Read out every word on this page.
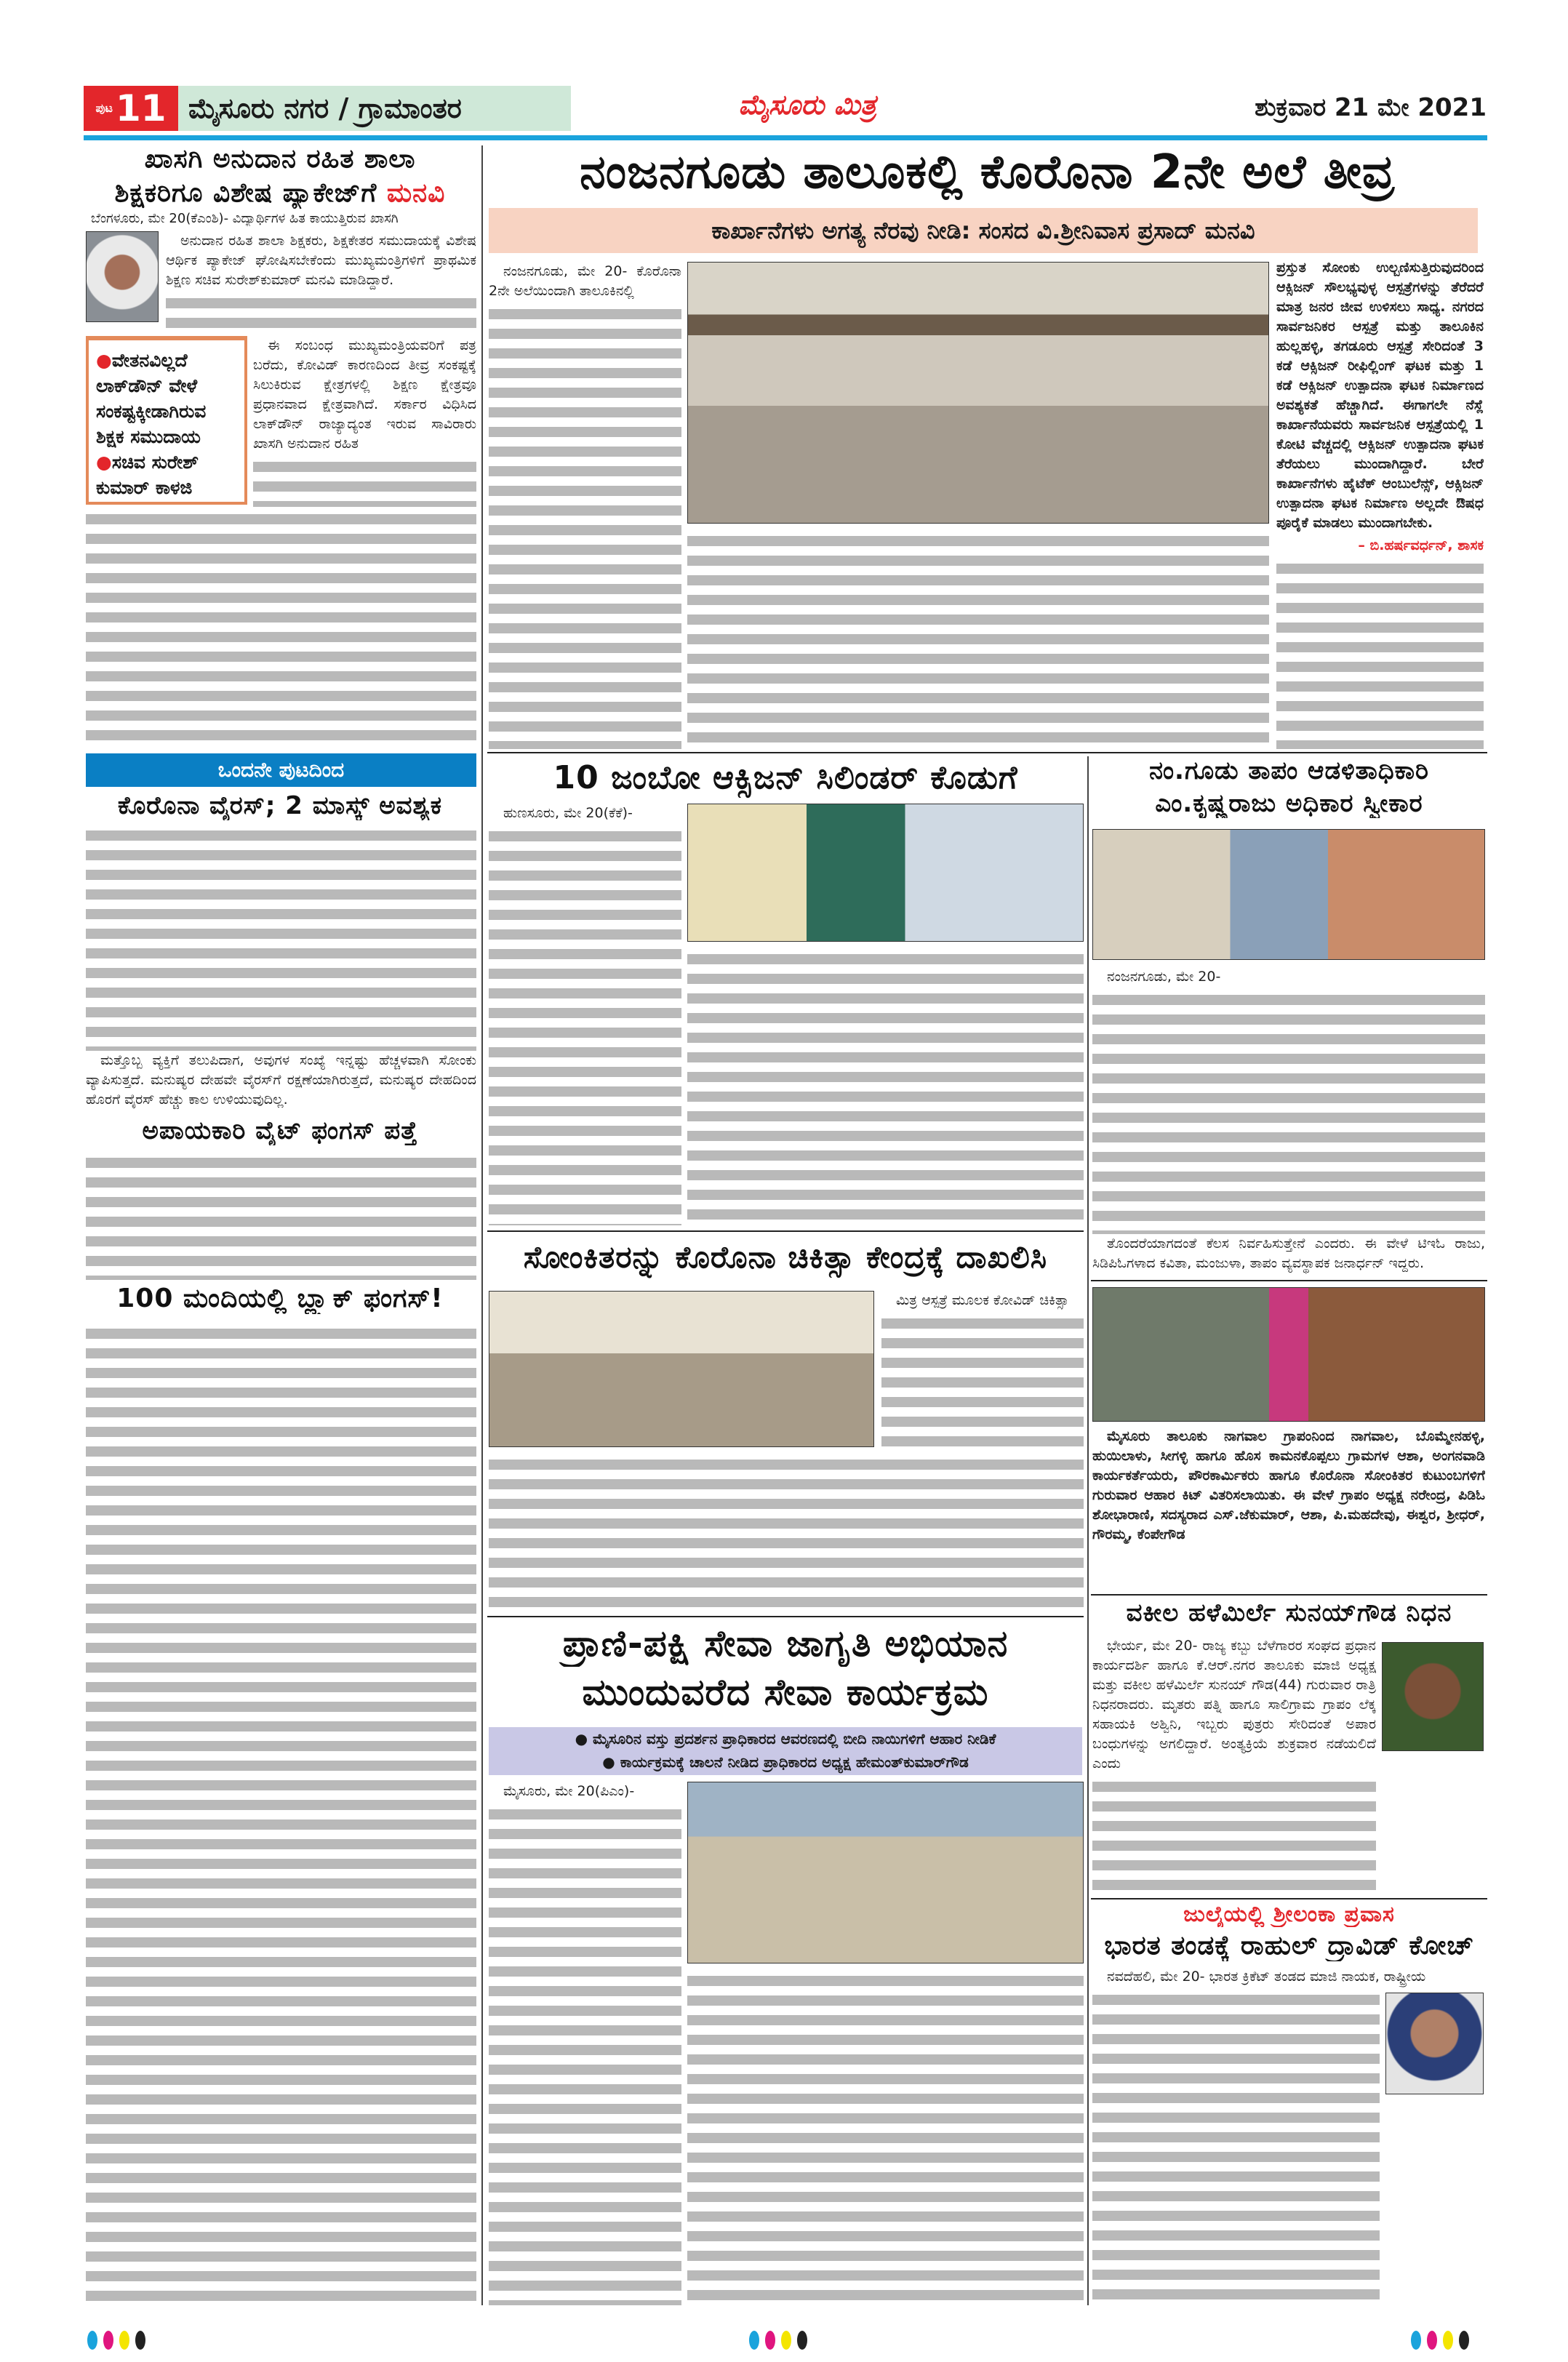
ಪುಟ 11 ಮೈಸೂರು ನಗರ / ಗ್ರಾಮಾಂತರ	ಮೈಸೂರು ಮಿತ್ರ	ಶುಕ್ರವಾರ 21 ಮೇ 2021
ಖಾಸಗಿ ಅನುದಾನ ರಹಿತ ಶಾಲಾ
ಶಿಕ್ಷಕರಿಗೂ ವಿಶೇಷ ಪ್ಯಾಕೇಜ್‌ಗೆ ಮನವಿ
ಬೆಂಗಳೂರು, ಮೇ 20(ಕೆಎಂಶಿ)- ವಿದ್ಯಾರ್ಥಿಗಳ ಹಿತ ಕಾಯುತ್ತಿರುವ ಖಾಸಗಿ

ಅನುದಾನ ರಹಿತ ಶಾಲಾ ಶಿಕ್ಷಕರು, ಶಿಕ್ಷಕೇತರ ಸಮುದಾಯಕ್ಕೆ ವಿಶೇಷ ಆರ್ಥಿಕ ಪ್ಯಾಕೇಜ್ ಘೋಷಿಸಬೇಕೆಂದು ಮುಖ್ಯಮಂತ್ರಿಗಳಿಗೆ ಪ್ರಾಥಮಿಕ ಶಿಕ್ಷಣ ಸಚಿವ ಸುರೇಶ್‌ಕುಮಾರ್ ಮನವಿ ಮಾಡಿದ್ದಾರೆ.

●ವೇತನವಿಲ್ಲದೆ ಲಾಕ್‌ಡೌನ್ ವೇಳೆ ಸಂಕಷ್ಟಕ್ಕೀಡಾಗಿರುವ ಶಿಕ್ಷಕ ಸಮುದಾಯ
●ಸಚಿವ ಸುರೇಶ್ ಕುಮಾರ್ ಕಾಳಜಿ

ಈ ಸಂಬಂಧ ಮುಖ್ಯಮಂತ್ರಿಯವರಿಗೆ ಪತ್ರ ಬರೆದು, ಕೋವಿಡ್ ಕಾರಣದಿಂದ ತೀವ್ರ ಸಂಕಷ್ಟಕ್ಕೆ ಸಿಲುಕಿರುವ ಕ್ಷೇತ್ರಗಳಲ್ಲಿ ಶಿಕ್ಷಣ ಕ್ಷೇತ್ರವೂ ಪ್ರಧಾನವಾದ ಕ್ಷೇತ್ರವಾಗಿದೆ. ಸರ್ಕಾರ ವಿಧಿಸಿದ ಲಾಕ್‌ಡೌನ್ ರಾಜ್ಯಾದ್ಯಂತ ಇರುವ ಸಾವಿರಾರು ಖಾಸಗಿ ಅನುದಾನ ರಹಿತ

ಒಂದನೇ ಪುಟದಿಂದ
ಕೊರೊನಾ ವೈರಸ್; 2 ಮಾಸ್ಕ್ ಅವಶ್ಯಕ

ಮತ್ತೊಬ್ಬ ವ್ಯಕ್ತಿಗೆ ತಲುಪಿದಾಗ, ಅವುಗಳ ಸಂಖ್ಯೆ ಇನ್ನಷ್ಟು ಹೆಚ್ಚಳವಾಗಿ ಸೋಂಕು ವ್ಯಾಪಿಸುತ್ತದೆ. ಮನುಷ್ಯರ ದೇಹವೇ ವೈರಸ್‌ಗೆ ರಕ್ಷಣೆಯಾಗಿರುತ್ತದೆ, ಮನುಷ್ಯರ ದೇಹದಿಂದ ಹೊರಗೆ ವೈರಸ್ ಹೆಚ್ಚು ಕಾಲ ಉಳಿಯುವುದಿಲ್ಲ.

ಅಪಾಯಕಾರಿ ವೈಟ್ ಫಂಗಸ್ ಪತ್ತೆ
100 ಮಂದಿಯಲ್ಲಿ ಬ್ಲ್ಯಾಕ್ ಫಂಗಸ್!
ನಂಜನಗೂಡು ತಾಲೂಕಲ್ಲಿ ಕೊರೊನಾ 2ನೇ ಅಲೆ ತೀವ್ರ
ಕಾರ್ಖಾನೆಗಳು ಅಗತ್ಯ ನೆರವು ನೀಡಿ: ಸಂಸದ ವಿ.ಶ್ರೀನಿವಾಸ ಪ್ರಸಾದ್ ಮನವಿ

ನಂಜನಗೂಡು, ಮೇ 20- ಕೊರೊನಾ 2ನೇ ಅಲೆಯಿಂದಾಗಿ ತಾಲೂಕಿನಲ್ಲಿ

ಪ್ರಸ್ತುತ ಸೋಂಕು ಉಲ್ಬಣಿಸುತ್ತಿರುವುದರಿಂದ ಆಕ್ಸಿಜನ್ ಸೌಲಭ್ಯವುಳ್ಳ ಆಸ್ಪತ್ರೆಗಳನ್ನು ತೆರೆದರೆ ಮಾತ್ರ ಜನರ ಜೀವ ಉಳಿಸಲು ಸಾಧ್ಯ. ನಗರದ ಸಾರ್ವಜನಿಕರ ಆಸ್ಪತ್ರೆ ಮತ್ತು ತಾಲೂಕಿನ ಹುಲ್ಲಹಳ್ಳಿ, ತಗಡೂರು ಆಸ್ಪತ್ರೆ ಸೇರಿದಂತೆ 3 ಕಡೆ ಆಕ್ಸಿಜನ್ ರೀಫಿಲ್ಲಿಂಗ್ ಘಟಕ ಮತ್ತು 1 ಕಡೆ ಆಕ್ಸಿಜನ್ ಉತ್ಪಾದನಾ ಘಟಕ ನಿರ್ಮಾಣದ ಅವಶ್ಯಕತೆ ಹೆಚ್ಚಾಗಿದೆ. ಈಗಾಗಲೇ ನೆಸ್ಲೆ ಕಾರ್ಖಾನೆಯವರು ಸಾರ್ವಜನಿಕ ಆಸ್ಪತ್ರೆಯಲ್ಲಿ 1 ಕೋಟಿ ವೆಚ್ಚದಲ್ಲಿ ಆಕ್ಸಿಜನ್ ಉತ್ಪಾದನಾ ಘಟಕ ತೆರೆಯಲು ಮುಂದಾಗಿದ್ದಾರೆ. ಬೇರೆ ಕಾರ್ಖಾನೆಗಳು ಹೈಟೆಕ್ ಆಂಬುಲೆನ್ಸ್, ಆಕ್ಸಿಜನ್ ಉತ್ಪಾದನಾ ಘಟಕ ನಿರ್ಮಾಣ ಅಲ್ಲದೇ ಔಷಧ ಪೂರೈಕೆ ಮಾಡಲು ಮುಂದಾಗಬೇಕು.

– ಬಿ.ಹರ್ಷವರ್ಧನ್, ಶಾಸಕ

10 ಜಂಬೋ ಆಕ್ಸಿಜನ್ ಸಿಲಿಂಡರ್ ಕೊಡುಗೆ

ಹುಣಸೂರು, ಮೇ 20(ಕೆಕೆ)-

ನಂ.ಗೂಡು ತಾಪಂ ಆಡಳಿತಾಧಿಕಾರಿ
ಎಂ.ಕೃಷ್ಣರಾಜು ಅಧಿಕಾರ ಸ್ವೀಕಾರ

ನಂಜನಗೂಡು, ಮೇ 20-

ತೊಂದರೆಯಾಗದಂತೆ ಕೆಲಸ ನಿರ್ವಹಿಸುತ್ತೇನೆ ಎಂದರು. ಈ ವೇಳೆ ಟಿಇಓ ರಾಜು, ಸಿಡಿಪಿಓಗಳಾದ ಕವಿತಾ, ಮಂಜುಳಾ, ತಾಪಂ ವ್ಯವಸ್ಥಾಪಕ ಜನಾರ್ಧನ್ ಇದ್ದರು.

ಸೋಂಕಿತರನ್ನು ಕೊರೊನಾ ಚಿಕಿತ್ಸಾ ಕೇಂದ್ರಕ್ಕೆ ದಾಖಲಿಸಿ

ಮಿತ್ರ ಆಸ್ಪತ್ರೆ ಮೂಲಕ ಕೋವಿಡ್ ಚಿಕಿತ್ಸಾ

ಮೈಸೂರು ತಾಲೂಕು ನಾಗವಾಲ ಗ್ರಾಪಂನಿಂದ ನಾಗವಾಲ, ಬೊಮ್ಮೇನಹಳ್ಳಿ, ಹುಯಿಲಾಳು, ಸೀಗಳ್ಳಿ ಹಾಗೂ ಹೊಸ ಕಾಮನಕೊಪ್ಪಲು ಗ್ರಾಮಗಳ ಆಶಾ, ಅಂಗನವಾಡಿ ಕಾರ್ಯಕರ್ತೆಯರು, ಪೌರಕಾರ್ಮಿಕರು ಹಾಗೂ ಕೊರೊನಾ ಸೋಂಕಿತರ ಕುಟುಂಬಗಳಿಗೆ ಗುರುವಾರ ಆಹಾರ ಕಿಟ್ ವಿತರಿಸಲಾಯಿತು. ಈ ವೇಳೆ ಗ್ರಾಪಂ ಅಧ್ಯಕ್ಷ ನರೇಂದ್ರ, ಪಿಡಿಓ ಶೋಭಾರಾಣಿ, ಸದಸ್ಯರಾದ ಎಸ್.ಜೆಕುಮಾರ್, ಆಶಾ, ಪಿ.ಮಹದೇವು, ಈಶ್ವರ, ಶ್ರೀಧರ್, ಗೌರಮ್ಮ, ಕೆಂಪೇಗೌಡ

ವಕೀಲ ಹಳೆಮಿರ್ಲೆ ಸುನಯ್‌ಗೌಡ ನಿಧನ

ಭೇರ್ಯ, ಮೇ 20- ರಾಜ್ಯ ಕಬ್ಬು ಬೆಳೆಗಾರರ ಸಂಘದ ಪ್ರಧಾನ ಕಾರ್ಯದರ್ಶಿ ಹಾಗೂ ಕೆ.ಆರ್.ನಗರ ತಾಲೂಕು ಮಾಜಿ ಅಧ್ಯಕ್ಷ ಮತ್ತು ವಕೀಲ ಹಳೆಮಿರ್ಲೆ ಸುನಯ್ ಗೌಡ(44) ಗುರುವಾರ ರಾತ್ರಿ ನಿಧನರಾದರು. ಮೃತರು ಪತ್ನಿ ಹಾಗೂ ಸಾಲಿಗ್ರಾಮ ಗ್ರಾಪಂ ಲೆಕ್ಕ ಸಹಾಯಕಿ ಅಶ್ವಿನಿ, ಇಬ್ಬರು ಪುತ್ರರು ಸೇರಿದಂತೆ ಅಪಾರ ಬಂಧುಗಳನ್ನು ಅಗಲಿದ್ದಾರೆ. ಅಂತ್ಯಕ್ರಿಯೆ ಶುಕ್ರವಾರ ನಡೆಯಲಿದೆ ಎಂದು

ಜುಲೈಯಲ್ಲಿ ಶ್ರೀಲಂಕಾ ಪ್ರವಾಸ
ಭಾರತ ತಂಡಕ್ಕೆ ರಾಹುಲ್ ದ್ರಾವಿಡ್ ಕೋಚ್

ನವದೆಹಲಿ, ಮೇ 20- ಭಾರತ ಕ್ರಿಕೆಟ್ ತಂಡದ ಮಾಜಿ ನಾಯಕ, ರಾಷ್ಟ್ರೀಯ

ಪ್ರಾಣಿ-ಪಕ್ಷಿ ಸೇವಾ ಜಾಗೃತಿ ಅಭಿಯಾನ
ಮುಂದುವರೆದ ಸೇವಾ ಕಾರ್ಯಕ್ರಮ
● ಮೈಸೂರಿನ ವಸ್ತು ಪ್ರದರ್ಶನ ಪ್ರಾಧಿಕಾರದ ಆವರಣದಲ್ಲಿ ಬೀದಿ ನಾಯಿಗಳಿಗೆ ಆಹಾರ ನೀಡಿಕೆ
● ಕಾರ್ಯಕ್ರಮಕ್ಕೆ ಚಾಲನೆ ನೀಡಿದ ಪ್ರಾಧಿಕಾರದ ಅಧ್ಯಕ್ಷ ಹೇಮಂತ್‌ಕುಮಾರ್‌ಗೌಡ

ಮೈಸೂರು, ಮೇ 20(ಪಿಎಂ)-
